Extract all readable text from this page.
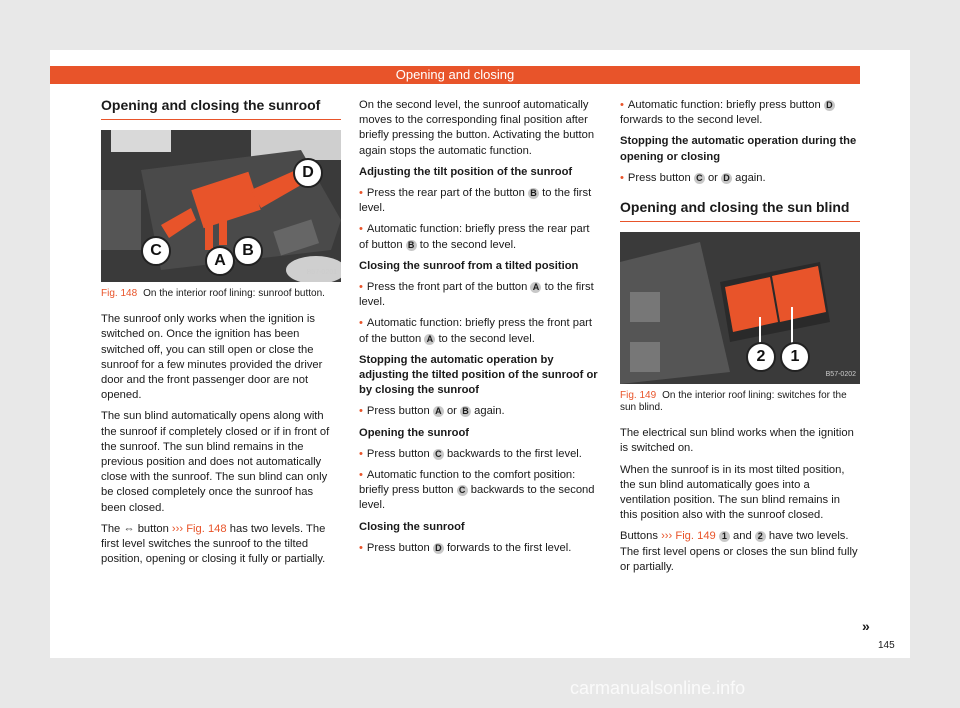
Opening and closing
Opening and closing the sunroof
D
C
A
B
B57-0201
Fig. 148 On the interior roof lining: sunroof button.

The sunroof only works when the ignition is switched on. Once the ignition has been switched off, you can still open or close the sunroof for a few minutes provided the driver door and the front passenger door are not opened.

The sun blind automatically opens along with the sunroof if completely closed or if in front of the sunroof. The sun blind remains in the previous position and does not automatically close with the sunroof. The sun blind can only be closed completely once the sunroof has been closed.

The ⇔ button ››› Fig. 148 has two levels. The first level switches the sunroof to the tilted position, opening or closing it fully or partially.

On the second level, the sunroof automatically moves to the corresponding final position after briefly pressing the button. Activating the button again stops the automatic function.

Adjusting the tilt position of the sunroof

• Press the rear part of the button B to the first level.

• Automatic function: briefly press the rear part of button B to the second level.

Closing the sunroof from a tilted position

• Press the front part of the button A to the first level.

• Automatic function: briefly press the front part of the button A to the second level.

Stopping the automatic operation by adjusting the tilted position of the sunroof or by closing the sunroof

• Press button A or B again.

Opening the sunroof

• Press button C backwards to the first level.

• Automatic function to the comfort position: briefly press button C backwards to the second level.

Closing the sunroof

• Press button D forwards to the first level.

• Automatic function: briefly press button D forwards to the second level.

Stopping the automatic operation during the opening or closing

• Press button C or D again.

Opening and closing the sun blind
2	1
B57-0202
Fig. 149 On the interior roof lining: switches for the sun blind.

The electrical sun blind works when the ignition is switched on.

When the sunroof is in its most tilted position, the sun blind automatically goes into a ventilation position. The sun blind remains in this position also with the sunroof closed.

Buttons ››› Fig. 149 1 and 2 have two levels. The first level opens or closes the sun blind fully or partially.

»
145
carmanualsonline.info
